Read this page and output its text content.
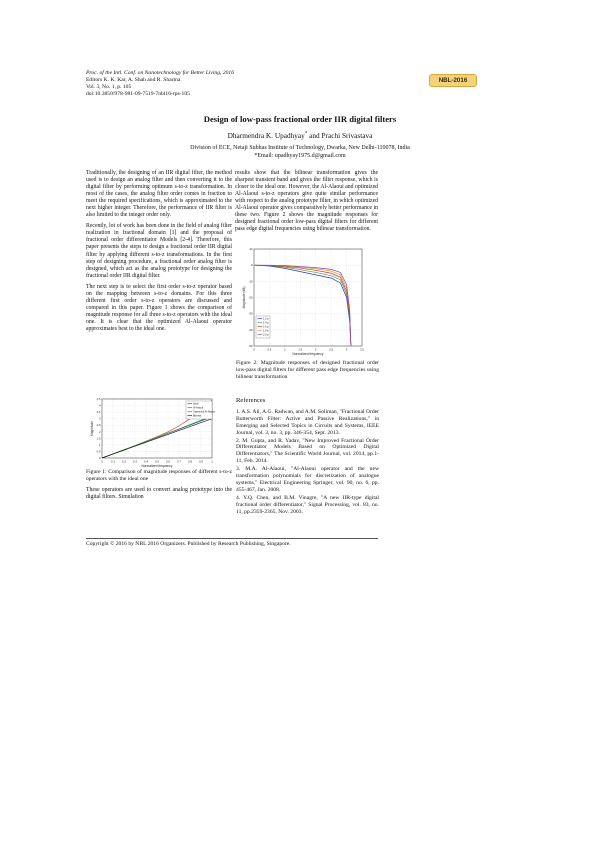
Proc. of the Intl. Conf. on Nanotechnology for Better Living, 2016
Editors K. K. Kar, A. Shah and R. Sharma
Vol. 3, No. 1, p. 105
doi:10.3850/978-981-09-7519-7nbl16-rps-105
NBL-2016
Design of low-pass fractional order IIR digital filters
Dharmendra K. Upadhyay* and Prachi Srivastava
Division of ECE, Netaji Subhas Institute of Technology, Dwarka, New Delhi-110078, India
*Email: upadhyay1975.d@gmail.com

Traditionally, the designing of an IIR digital filter, the method used is to design an analog filter and then converting it to the digital filter by performing optimum s-to-z transformation. In most of the cases, the analog filter order comes in fraction to meet the required specifications, which is approximated to the next higher integer. Therefore, the performance of IIR filter is also limited to the integer order only.

Recently, lot of work has been done in the field of analog filter realization in fractional domain [1] and the proposal of fractional order differentiator Models [2-4]. Therefore, this paper presents the steps to design a fractional order IIR digital filter by applying different s-to-z transformations. In the first step of designing procedure, a fractional order analog filter is designed, which act as the analog prototype for designing the fractional order IIR digital filter.

The next step is to select the first order s-to-z operator based on the mapping between s-to-z domains. For this three different first order s-to-z operators are discussed and compared in this paper. Figure 1 shows the comparison of magnitude response for all three s-to-z operators with the ideal one. It is clear that the optimized Al-Alaoui operator approximates best to the ideal one.

0	0.1	0.2	0.3	0.4	0.5	0.6	0.7	0.8	0.9	1
0
0.5
1
1.5
2
2.5
3
3.5
4
4.5
Normalized frequency
Magnitude
ideal
Al-Alaoui
Optimized Al-Alaoui
Bilinear
Figure 1: Comparison of magnitude responses of different s-to-z operators with the ideal one
These operators are used to convert analog prototype into the digital filters. Simulation

results show that the bilinear transformation gives the sharpest transient band and gives the filter response, which is closer to the ideal one. However, the Al-Alaoui and optimized Al-Alaoui s-to-z operators give quite similar performance with respect to the analog prototype filter, in which optimized Al-Alaoui operator gives comparatively better performance in these two. Figure 2 shows the magnitude responses for designed fractional order low-pass digital filters for different pass edge digital frequencies using bilinear transformation.

0	0.5	1	1.5	2	2.5	3	3.5
10
0
-10
-20
-30
-40
-50
Normalized frequency
Magnitude (dB)
1.2 p
1.4 p
1.6 p
1.8 p
2.0 p
Figure 2: Magnitude responses of designed fractional order low-pass digital filters for different pass edge frequencies using bilinear transformation
References

1. A.S. Ali, A.G. Radwan, and A.M. Soliman, "Fractional Order Butterworth Filter: Active and Passive Realizations," in Emerging and Selected Topics in Circuits and Systems, IEEE Journal, vol. 3, no. 3, pp. 346-354, Sept. 2013.

2. M. Gupta, and R. Yadav, "New Improved Fractional Order Differentiator Models Based on Optimized Digital Differentiators," The Scientific World Journal, vol. 2014, pp.1-11, Feb. 2014.

3. M.A. Al-Alaoui, "Al-Alaoui operator and the new transformation polynomials for discretization of analogue systems," Electrical Engineering Springer, vol. 90, no. 6, pp. 455-467, Jan. 2008.

4. Y.Q. Chen, and B.M. Vinagre, "A new IIR-type digital fractional order differentiator," Signal Processing, vol. 83, no. 11, pp.2359-2365, Nov. 2003.

Copyright © 2016 by NBL 2016 Organizers. Published by Research Publishing, Singapore.
